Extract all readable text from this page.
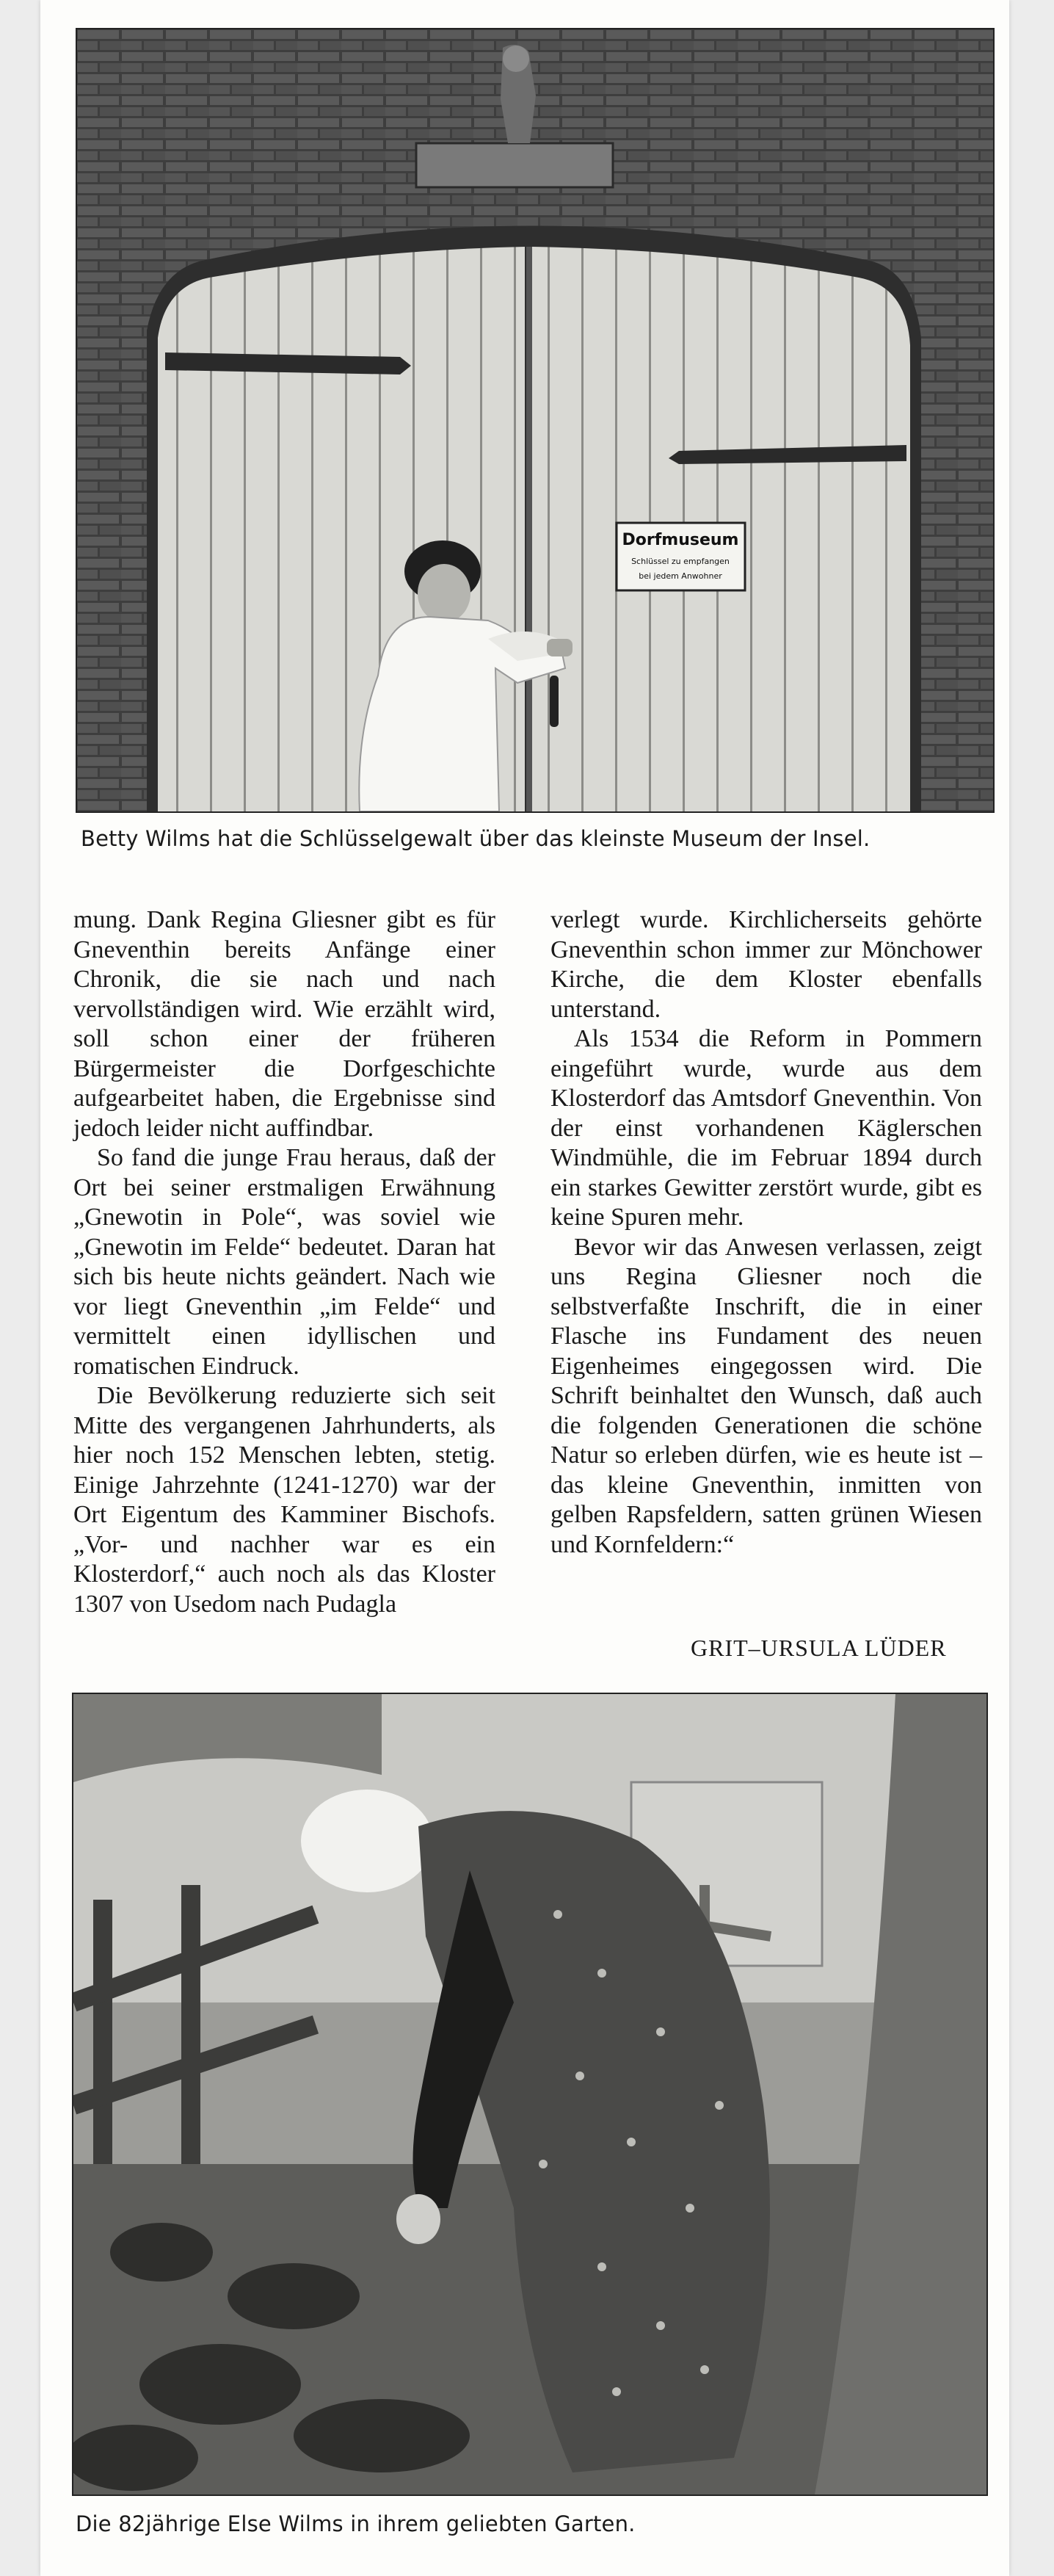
Dorfmuseum
Schlüssel zu empfangen
bei jedem Anwohner
Betty Wilms hat die Schlüsselgewalt über das kleinste Museum der Insel.

mung. Dank Regina Gliesner gibt es für Gneventhin bereits Anfänge einer Chronik, die sie nach und nach vervollständigen wird. Wie erzählt wird, soll schon einer der früheren Bürgermeister die Dorfgeschichte aufgearbeitet haben, die Ergebnisse sind jedoch leider nicht auffindbar.

So fand die junge Frau heraus, daß der Ort bei seiner erstmaligen Erwähnung „Gnewotin in Pole“, was soviel wie „Gnewotin im Felde“ bedeutet. Daran hat sich bis heute nichts geändert. Nach wie vor liegt Gneventhin „im Felde“ und vermittelt einen idyllischen und romatischen Eindruck.

Die Bevölkerung reduzierte sich seit Mitte des vergangenen Jahrhunderts, als hier noch 152 Menschen lebten, stetig. Einige Jahrzehnte (1241-1270) war der Ort Eigentum des Kamminer Bischofs. „Vor- und nachher war es ein Klosterdorf,“ auch noch als das Kloster 1307 von Usedom nach Pudagla

verlegt wurde. Kirchlicherseits gehörte Gneventhin schon immer zur Mönchower Kirche, die dem Kloster ebenfalls unterstand.

Als 1534 die Reform in Pommern eingeführt wurde, wurde aus dem Klosterdorf das Amtsdorf Gneventhin. Von der einst vorhandenen Käglerschen Windmühle, die im Februar 1894 durch ein starkes Gewitter zerstört wurde, gibt es keine Spuren mehr.

Bevor wir das Anwesen verlassen, zeigt uns Regina Gliesner noch die selbstverfaßte Inschrift, die in einer Flasche ins Fundament des neuen Eigenheimes eingegossen wird. Die Schrift beinhaltet den Wunsch, daß auch die folgenden Generationen die schöne Natur so erleben dürfen, wie es heute ist – das kleine Gneventhin, inmitten von gelben Rapsfeldern, satten grünen Wiesen und Kornfeldern:“

GRIT–URSULA LÜDER
Die 82jährige Else Wilms in ihrem geliebten Garten.
